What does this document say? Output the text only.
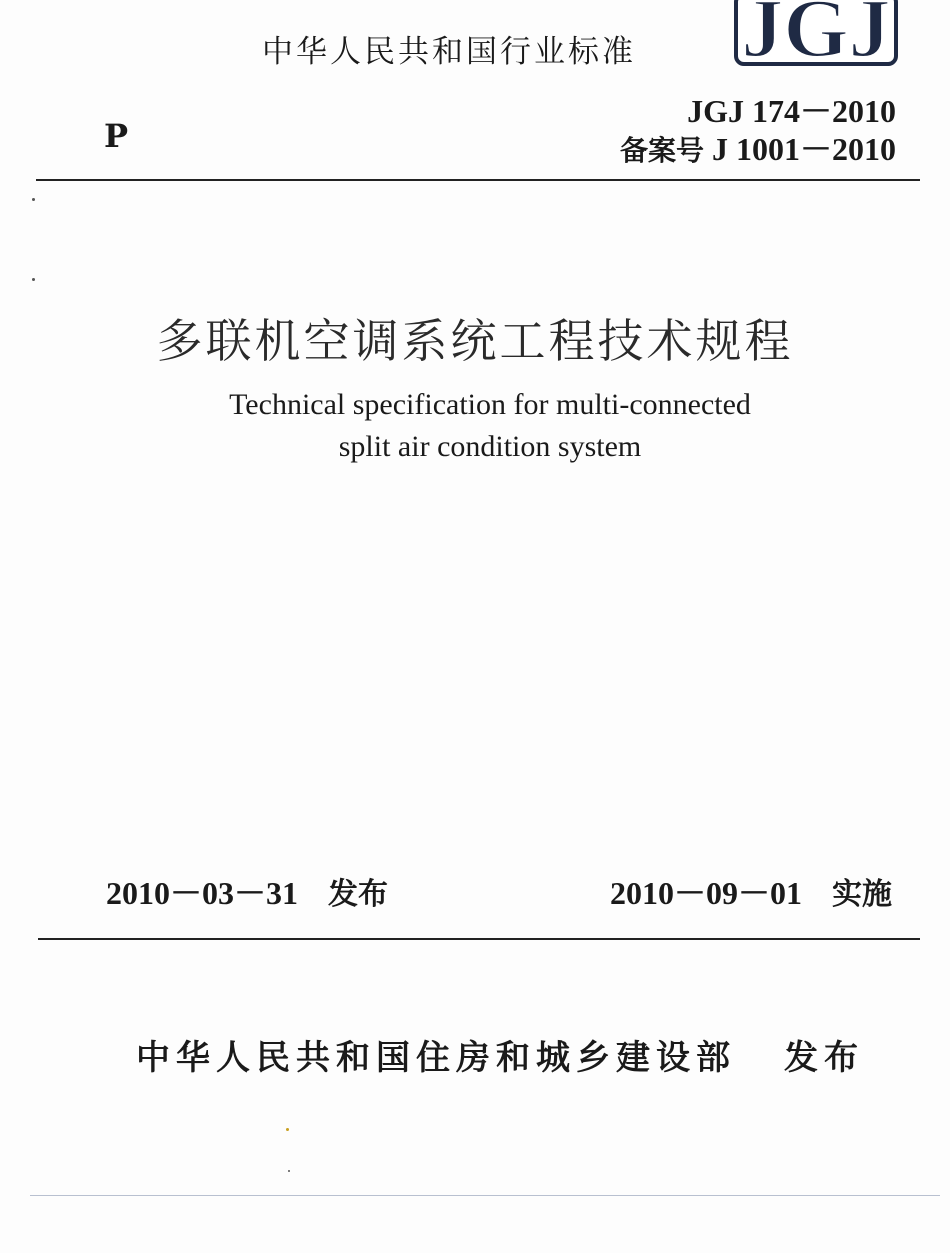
中华人民共和国行业标准 JGJ
P
JGJ 174－2010
备案号 J 1001－2010
多联机空调系统工程技术规程
Technical specification for multi-connected
split air condition system
2010－03－31 发布	2010－09－01 实施
中华人民共和国住房和城乡建设部 发布
